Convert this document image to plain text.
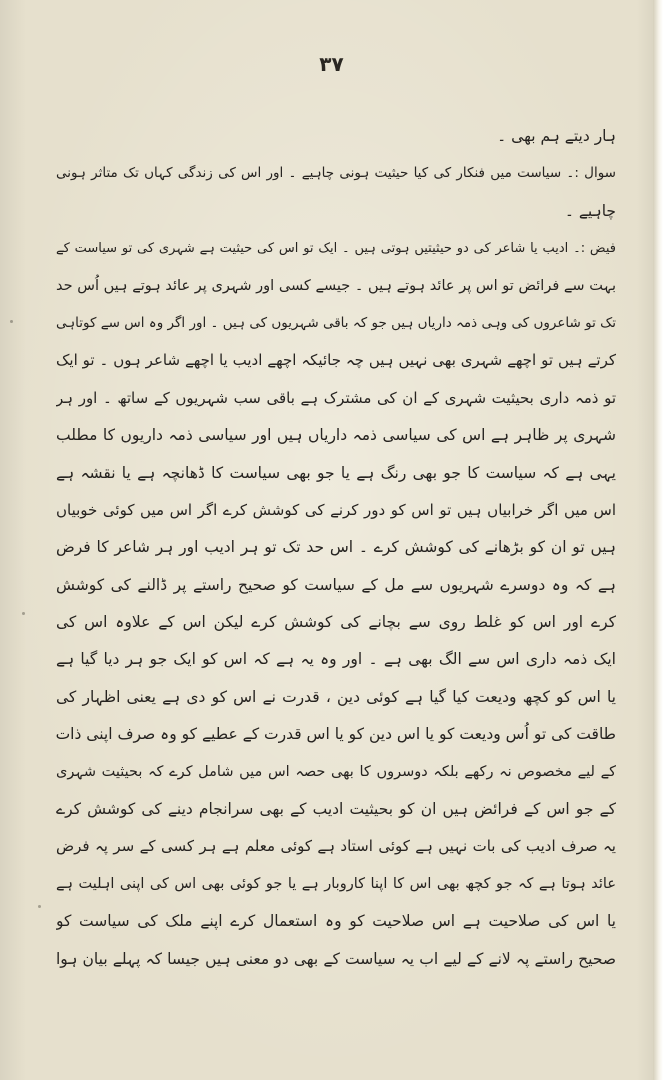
۳۷
ہار دیتے ہم بھی ۔
سوال :۔ سیاست میں فنکار کی کیا حیثیت ہونی چاہیے ۔ اور اس کی زندگی کہاں تک متاثر ہونی
چاہیے ۔
فیض :۔ ادیب یا شاعر کی دو حیثیتیں ہوتی ہیں ۔ ایک تو اس کی حیثیت ہے شہری کی تو سیاست کے
بہت سے فرائض تو اس پر عائد ہوتے ہیں ۔ جیسے کسی اور شہری پر عائد ہوتے ہیں اُس حد
تک تو شاعروں کی وہی ذمہ داریاں ہیں جو کہ باقی شہریوں کی ہیں ۔ اور اگر وہ اس سے کوتاہی
کرتے ہیں تو اچھے شہری بھی نہیں ہیں چہ جائیکہ اچھے ادیب یا اچھے شاعر ہوں ۔ تو ایک
تو ذمہ داری بحیثیت شہری کے ان کی مشترک ہے باقی سب شہریوں کے ساتھ ۔ اور ہر
شہری پر ظاہر ہے اس کی سیاسی ذمہ داریاں ہیں اور سیاسی ذمہ داریوں کا مطلب
یہی ہے کہ سیاست کا جو بھی رنگ ہے یا جو بھی سیاست کا ڈھانچہ ہے یا نقشہ ہے
اس میں اگر خرابیاں ہیں تو اس کو دور کرنے کی کوشش کرے اگر اس میں کوئی خوبیاں
ہیں تو ان کو بڑھانے کی کوشش کرے ۔ اس حد تک تو ہر ادیب اور ہر شاعر کا فرض
ہے کہ وہ دوسرے شہریوں سے مل کے سیاست کو صحیح راستے پر ڈالنے کی کوشش
کرے اور اس کو غلط روی سے بچانے کی کوشش کرے لیکن اس کے علاوہ اس کی
ایک ذمہ داری اس سے الگ بھی ہے ۔ اور وہ یہ ہے کہ اس کو ایک جو ہر دیا گیا ہے
یا اس کو کچھ ودیعت کیا گیا ہے کوئی دین ، قدرت نے اس کو دی ہے یعنی اظہار کی
طاقت کی تو اُس ودیعت کو یا اس دین کو یا اس قدرت کے عطیے کو وہ صرف اپنی ذات
کے لیے مخصوص نہ رکھے بلکہ دوسروں کا بھی حصہ اس میں شامل کرے کہ بحیثیت شہری
کے جو اس کے فرائض ہیں ان کو بحیثیت ادیب کے بھی سرانجام دینے کی کوشش کرے
یہ صرف ادیب کی بات نہیں ہے کوئی استاد ہے کوئی معلم ہے ہر کسی کے سر پہ فرض
عائد ہوتا ہے کہ جو کچھ بھی اس کا اپنا کاروبار ہے یا جو کوئی بھی اس کی اپنی اہلیت ہے
یا اس کی صلاحیت ہے اس صلاحیت کو وہ استعمال کرے اپنے ملک کی سیاست کو
صحیح راستے پہ لانے کے لیے اب یہ سیاست کے بھی دو معنی ہیں جیسا کہ پہلے بیان ہوا
